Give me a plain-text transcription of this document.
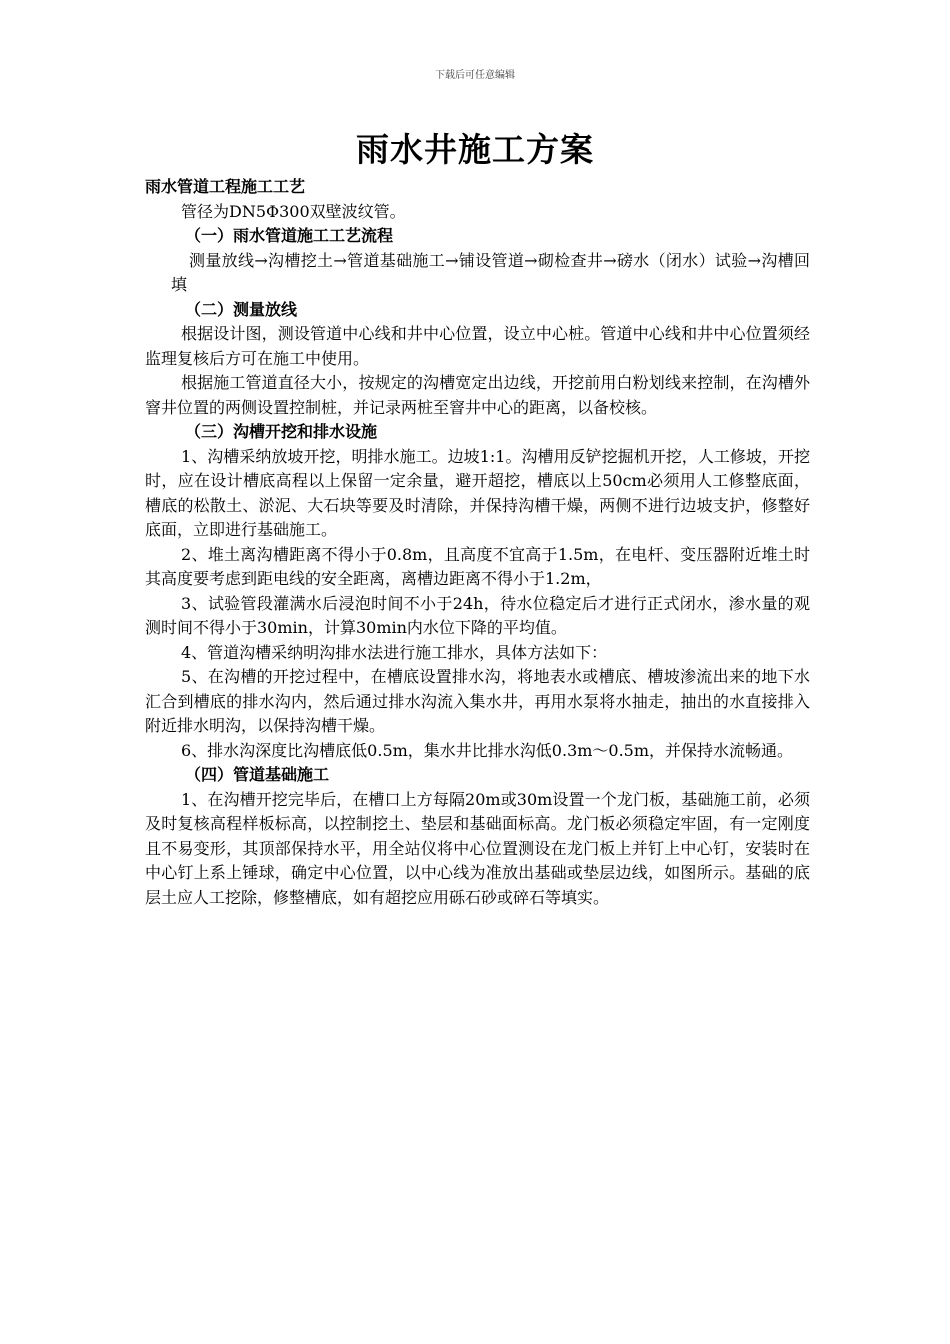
下载后可任意编辑
雨水井施工方案

雨水管道工程施工工艺

管径为DN5Φ300双壁波纹管。

（一）雨水管道施工工艺流程

测量放线→沟槽挖土→管道基础施工→铺设管道→砌检查井→磅水（闭水）试验→沟槽回填

（二）测量放线

根据设计图，测设管道中心线和井中心位置，设立中心桩。管道中心线和井中心位置须经监理复核后方可在施工中使用。

根据施工管道直径大小，按规定的沟槽宽定出边线，开挖前用白粉划线来控制，在沟槽外窨井位置的两侧设置控制桩，并记录两桩至窨井中心的距离，以备校核。

（三）沟槽开挖和排水设施

1、沟槽采纳放坡开挖，明排水施工。边坡1:1。沟槽用反铲挖掘机开挖，人工修坡，开挖时，应在设计槽底高程以上保留一定余量，避开超挖，槽底以上50cm必须用人工修整底面，槽底的松散土、淤泥、大石块等要及时清除，并保持沟槽干燥，两侧不进行边坡支护，修整好底面，立即进行基础施工。

2、堆土离沟槽距离不得小于0.8m，且高度不宜高于1.5m，在电杆、变压器附近堆土时其高度要考虑到距电线的安全距离，离槽边距离不得小于1.2m，

3、试验管段灌满水后浸泡时间不小于24h，待水位稳定后才进行正式闭水，渗水量的观测时间不得小于30min，计算30min内水位下降的平均值。

4、管道沟槽采纳明沟排水法进行施工排水，具体方法如下：

5、在沟槽的开挖过程中，在槽底设置排水沟，将地表水或槽底、槽坡渗流出来的地下水汇合到槽底的排水沟内，然后通过排水沟流入集水井，再用水泵将水抽走，抽出的水直接排入附近排水明沟，以保持沟槽干燥。

6、排水沟深度比沟槽底低0.5m，集水井比排水沟低0.3m～0.5m，并保持水流畅通。

（四）管道基础施工

1、在沟槽开挖完毕后，在槽口上方每隔20m或30m设置一个龙门板，基础施工前，必须及时复核高程样板标高，以控制挖土、垫层和基础面标高。龙门板必须稳定牢固，有一定刚度且不易变形，其顶部保持水平，用全站仪将中心位置测设在龙门板上并钉上中心钉，安装时在中心钉上系上锤球，确定中心位置，以中心线为准放出基础或垫层边线，如图所示。基础的底层土应人工挖除，修整槽底，如有超挖应用砾石砂或碎石等填实。
